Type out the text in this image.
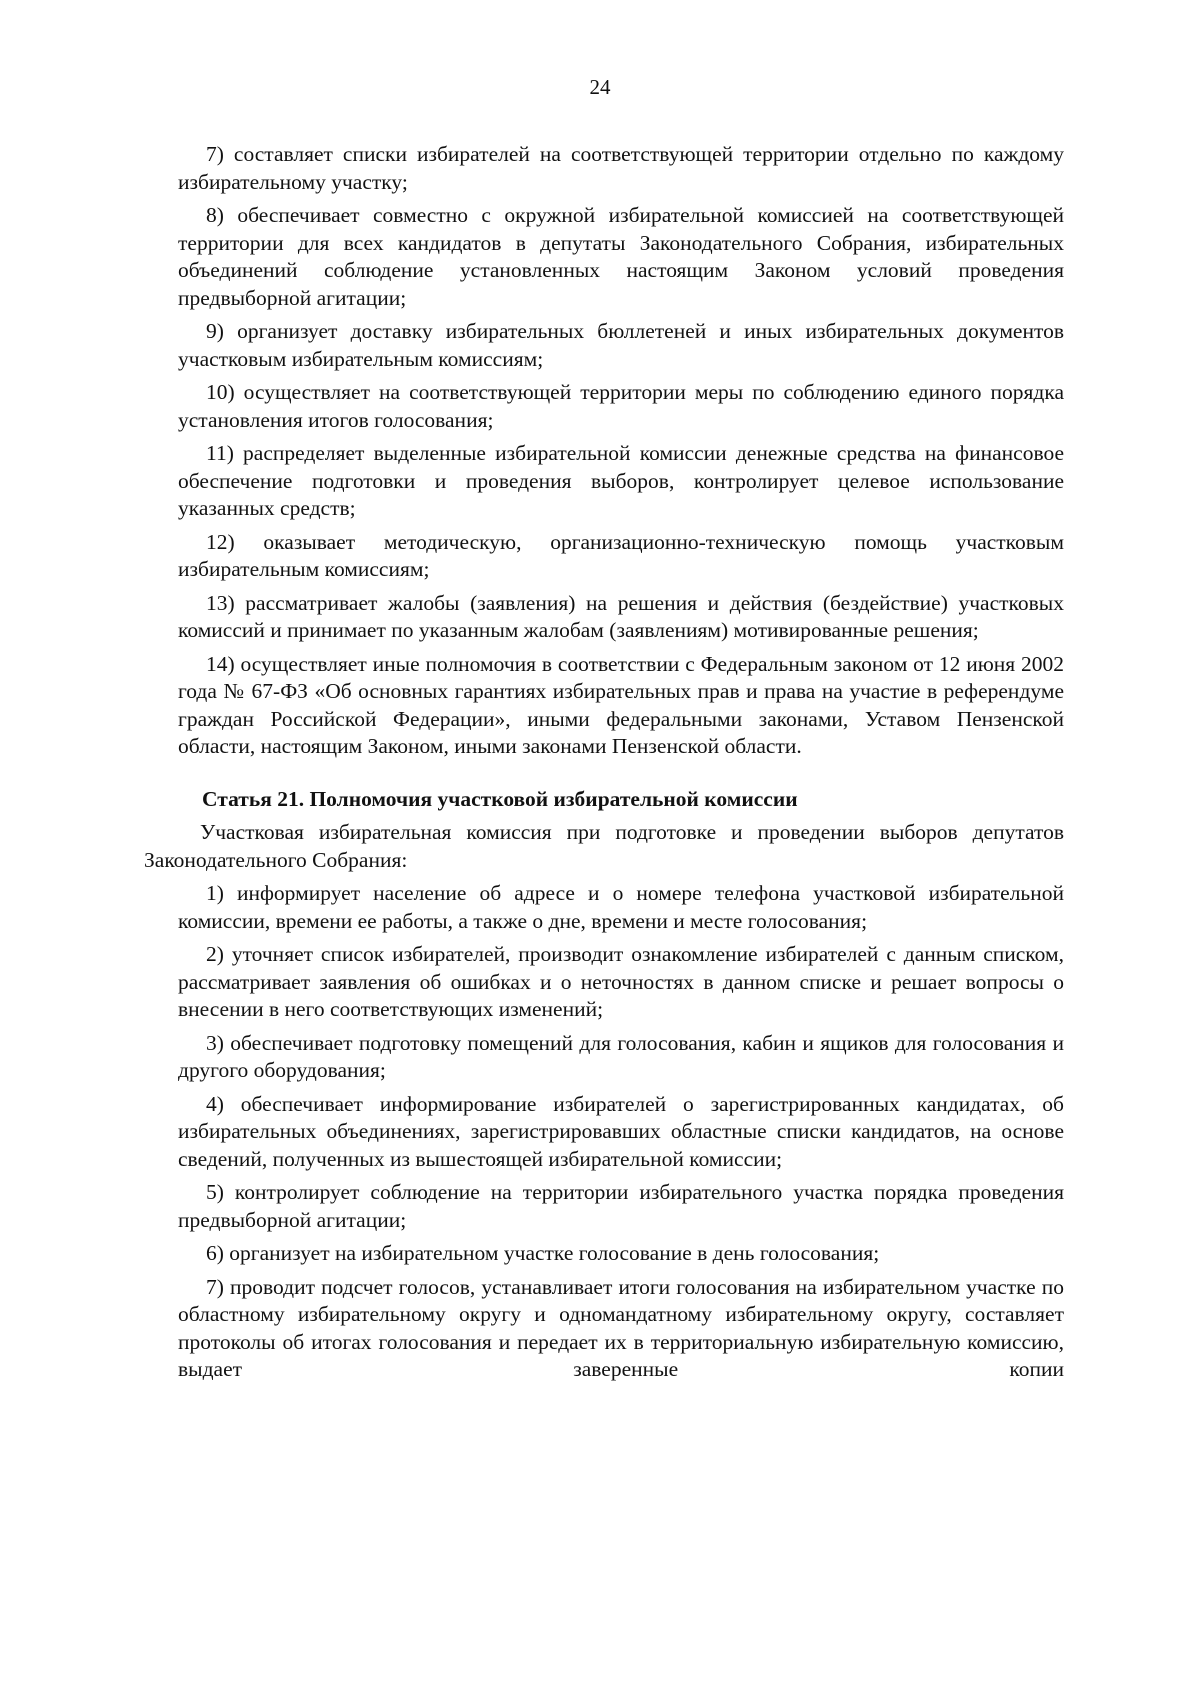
24

7) составляет списки избирателей на соответствующей территории отдельно по каждому избирательному участку;

8) обеспечивает совместно с окружной избирательной комиссией на соответствующей территории для всех кандидатов в депутаты Законодательного Собрания, избирательных объединений соблюдение установленных настоящим Законом условий проведения предвыборной агитации;

9) организует доставку избирательных бюллетеней и иных избирательных документов участковым избирательным комиссиям;

10) осуществляет на соответствующей территории меры по соблюдению единого порядка установления итогов голосования;

11) распределяет выделенные избирательной комиссии денежные средства на финансовое обеспечение подготовки и проведения выборов, контролирует целевое использование указанных средств;

12) оказывает методическую, организационно-техническую помощь участковым избирательным комиссиям;

13) рассматривает жалобы (заявления) на решения и действия (бездействие) участковых комиссий и принимает по указанным жалобам (заявлениям) мотивированные решения;

14) осуществляет иные полномочия в соответствии с Федеральным законом от 12 июня 2002 года № 67-ФЗ «Об основных гарантиях избирательных прав и права на участие в референдуме граждан Российской Федерации», иными федеральными законами, Уставом Пензенской области, настоящим Законом, иными законами Пензенской области.

Статья 21. Полномочия участковой избирательной комиссии

Участковая избирательная комиссия при подготовке и проведении выборов депутатов Законодательного Собрания:

1) информирует население об адресе и о номере телефона участковой избирательной комиссии, времени ее работы, а также о дне, времени и месте голосования;

2) уточняет список избирателей, производит ознакомление избирателей с данным списком, рассматривает заявления об ошибках и о неточностях в данном списке и решает вопросы о внесении в него соответствующих изменений;

3) обеспечивает подготовку помещений для голосования, кабин и ящиков для голосования и другого оборудования;

4) обеспечивает информирование избирателей о зарегистрированных кандидатах, об избирательных объединениях, зарегистрировавших областные списки кандидатов, на основе сведений, полученных из вышестоящей избирательной комиссии;

5) контролирует соблюдение на территории избирательного участка порядка проведения предвыборной агитации;

6) организует на избирательном участке голосование в день голосования;

7) проводит подсчет голосов, устанавливает итоги голосования на избирательном участке по областному избирательному округу и одномандатному избирательному округу, составляет протоколы об итогах голосования и передает их в территориальную избирательную комиссию, выдает заверенные копии
